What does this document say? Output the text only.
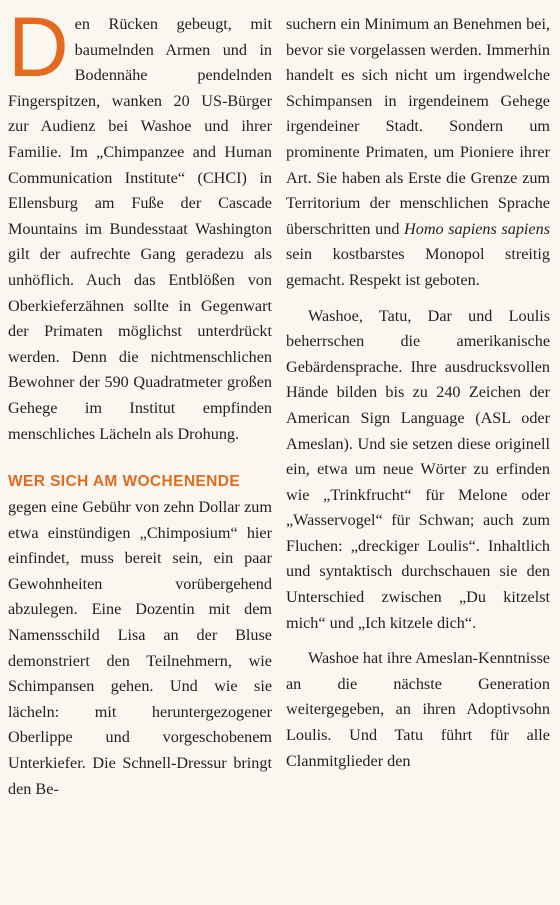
Den Rücken gebeugt, mit baumelnden Armen und in Bodennähe pendelnden Fingerspitzen, wanken 20 US-Bürger zur Audienz bei Washoe und ihrer Familie. Im „Chimpanzee and Human Communication Institute“ (CHCI) in Ellensburg am Fuße der Cascade Mountains im Bundesstaat Washington gilt der aufrechte Gang geradezu als unhöflich. Auch das Entblößen von Oberkieferzähnen sollte in Gegenwart der Primaten möglichst unterdrückt werden. Denn die nichtmenschlichen Bewohner der 590 Quadratmeter großen Gehege im Institut empfinden menschliches Lächeln als Drohung.

WER SICH AM WOCHENENDE

gegen eine Gebühr von zehn Dollar zum etwa einstündigen „Chimposium“ hier einfindet, muss bereit sein, ein paar Gewohnheiten vorübergehend abzulegen. Eine Dozentin mit dem Namensschild Lisa an der Bluse demonstriert den Teilnehmern, wie Schimpansen gehen. Und wie sie lächeln: mit heruntergezogener Oberlippe und vorgeschobenem Unterkiefer. Die Schnell-Dressur bringt den Be-

suchern ein Minimum an Benehmen bei, bevor sie vorgelassen werden. Immerhin handelt es sich nicht um irgendwelche Schimpansen in irgendeinem Gehege irgendeiner Stadt. Sondern um prominente Primaten, um Pioniere ihrer Art. Sie haben als Erste die Grenze zum Territorium der menschlichen Sprache überschritten und Homo sapiens sapiens sein kostbarstes Monopol streitig gemacht. Respekt ist geboten.

Washoe, Tatu, Dar und Loulis beherrschen die amerikanische Gebärdensprache. Ihre ausdrucksvollen Hände bilden bis zu 240 Zeichen der American Sign Language (ASL oder Ameslan). Und sie setzen diese originell ein, etwa um neue Wörter zu erfinden wie „Trinkfrucht“ für Melone oder „Wasservogel“ für Schwan; auch zum Fluchen: „dreckiger Loulis“. Inhaltlich und syntaktisch durchschauen sie den Unterschied zwischen „Du kitzelst mich“ und „Ich kitzele dich“.

Washoe hat ihre Ameslan-Kenntnisse an die nächste Generation weitergegeben, an ihren Adoptivsohn Loulis. Und Tatu führt für alle Clanmitglieder den
